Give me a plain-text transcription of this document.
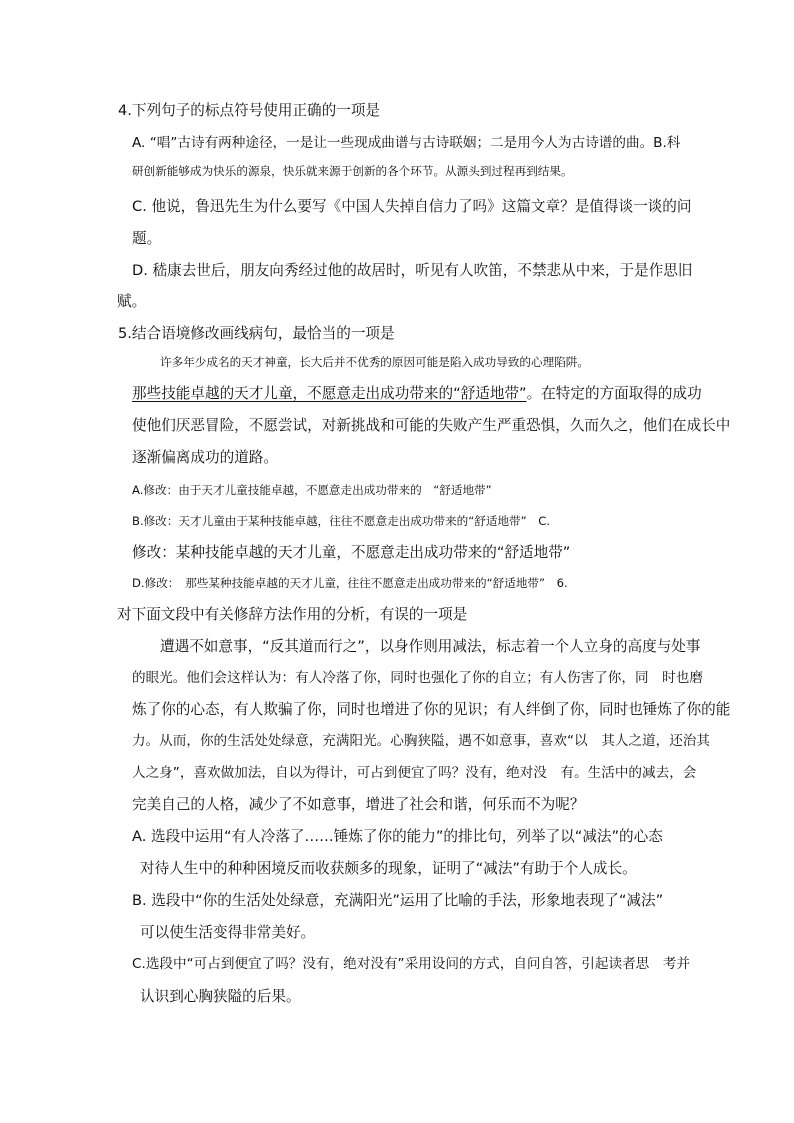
4.下列句子的标点符号使用正确的一项是
A. “唱”古诗有两种途径，一是让一些现成曲谱与古诗联姻；二是用今人为古诗谱的曲。B.科
研创新能够成为快乐的源泉，快乐就来源于创新的各个环节。从源头到过程再到结果。
C. 他说，鲁迅先生为什么要写《中国人失掉自信力了吗》这篇文章？是值得谈一谈的问
题。
D. 嵇康去世后，朋友向秀经过他的故居时，听见有人吹笛，不禁悲从中来，于是作思旧
赋。
5.结合语境修改画线病句，最恰当的一项是
许多年少成名的天才神童，长大后并不优秀的原因可能是陷入成功导致的心理陷阱。
那些技能卓越的天才儿童，不愿意走出成功带来的“舒适地带”。在特定的方面取得的成功
使他们厌恶冒险，不愿尝试，对新挑战和可能的失败产生严重恐惧，久而久之，他们在成长中
逐渐偏离成功的道路。
A.修改：由于天才儿童技能卓越，不愿意走出成功带来的　“舒适地带”
B.修改：天才儿童由于某种技能卓越，往往不愿意走出成功带来的“舒适地带”　C.
修改：某种技能卓越的天才儿童，不愿意走出成功带来的“舒适地带”
D.修改：　那些某种技能卓越的天才儿童，往往不愿意走出成功带来的“舒适地带”　6.
对下面文段中有关修辞方法作用的分析，有误的一项是
遭遇不如意事，“反其道而行之”，以身作则用减法，标志着一个人立身的高度与处事
的眼光。他们会这样认为：有人冷落了你，同时也强化了你的自立；有人伤害了你，同　时也磨
炼了你的心态，有人欺骗了你，同时也增进了你的见识；有人绊倒了你，同时也锤炼了你的能
力。从而，你的生活处处绿意，充满阳光。心胸狭隘，遇不如意事，喜欢“以　其人之道，还治其
人之身”，喜欢做加法，自以为得计，可占到便宜了吗？没有，绝对没　有。生活中的减去，会
完美自己的人格，减少了不如意事，增进了社会和谐，何乐而不为呢？
A. 选段中运用“有人冷落了……锤炼了你的能力”的排比句，列举了以“减法”的心态
对待人生中的种种困境反而收获颇多的现象，证明了“减法”有助于个人成长。
B. 选段中“你的生活处处绿意，充满阳光”运用了比喻的手法，形象地表现了“减法”
可以使生活变得非常美好。
C.选段中“可占到便宜了吗？没有，绝对没有”采用设问的方式，自问自答，引起读者思　考并
认识到心胸狭隘的后果。
